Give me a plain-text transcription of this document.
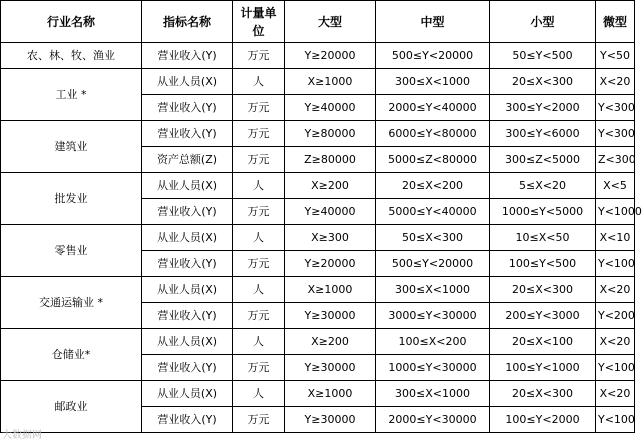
行业名称	指标名称	计量单位	大型	中型	小型	微型
农、林、牧、渔业	营业收入(Y)	万元	Y≥20000	500≤Y<20000	50≤Y<500	Y<50
工业 *	从业人员(X)	人	X≥1000	300≤X<1000	20≤X<300	X<20
	营业收入(Y)	万元	Y≥40000	2000≤Y<40000	300≤Y<2000	Y<300
建筑业	营业收入(Y)	万元	Y≥80000	6000≤Y<80000	300≤Y<6000	Y<300
	资产总额(Z)	万元	Z≥80000	5000≤Z<80000	300≤Z<5000	Z<300
批发业	从业人员(X)	人	X≥200	20≤X<200	5≤X<20	X<5
	营业收入(Y)	万元	Y≥40000	5000≤Y<40000	1000≤Y<5000	Y<1000
零售业	从业人员(X)	人	X≥300	50≤X<300	10≤X<50	X<10
	营业收入(Y)	万元	Y≥20000	500≤Y<20000	100≤Y<500	Y<100
交通运输业 *	从业人员(X)	人	X≥1000	300≤X<1000	20≤X<300	X<20
	营业收入(Y)	万元	Y≥30000	3000≤Y<30000	200≤Y<3000	Y<200
仓储业*	从业人员(X)	人	X≥200	100≤X<200	20≤X<100	X<20
	营业收入(Y)	万元	Y≥30000	1000≤Y<30000	100≤Y<1000	Y<100
邮政业	从业人员(X)	人	X≥1000	300≤X<1000	20≤X<300	X<20
	营业收入(Y)	万元	Y≥30000	2000≤Y<30000	100≤Y<2000	Y<100
大数据网
